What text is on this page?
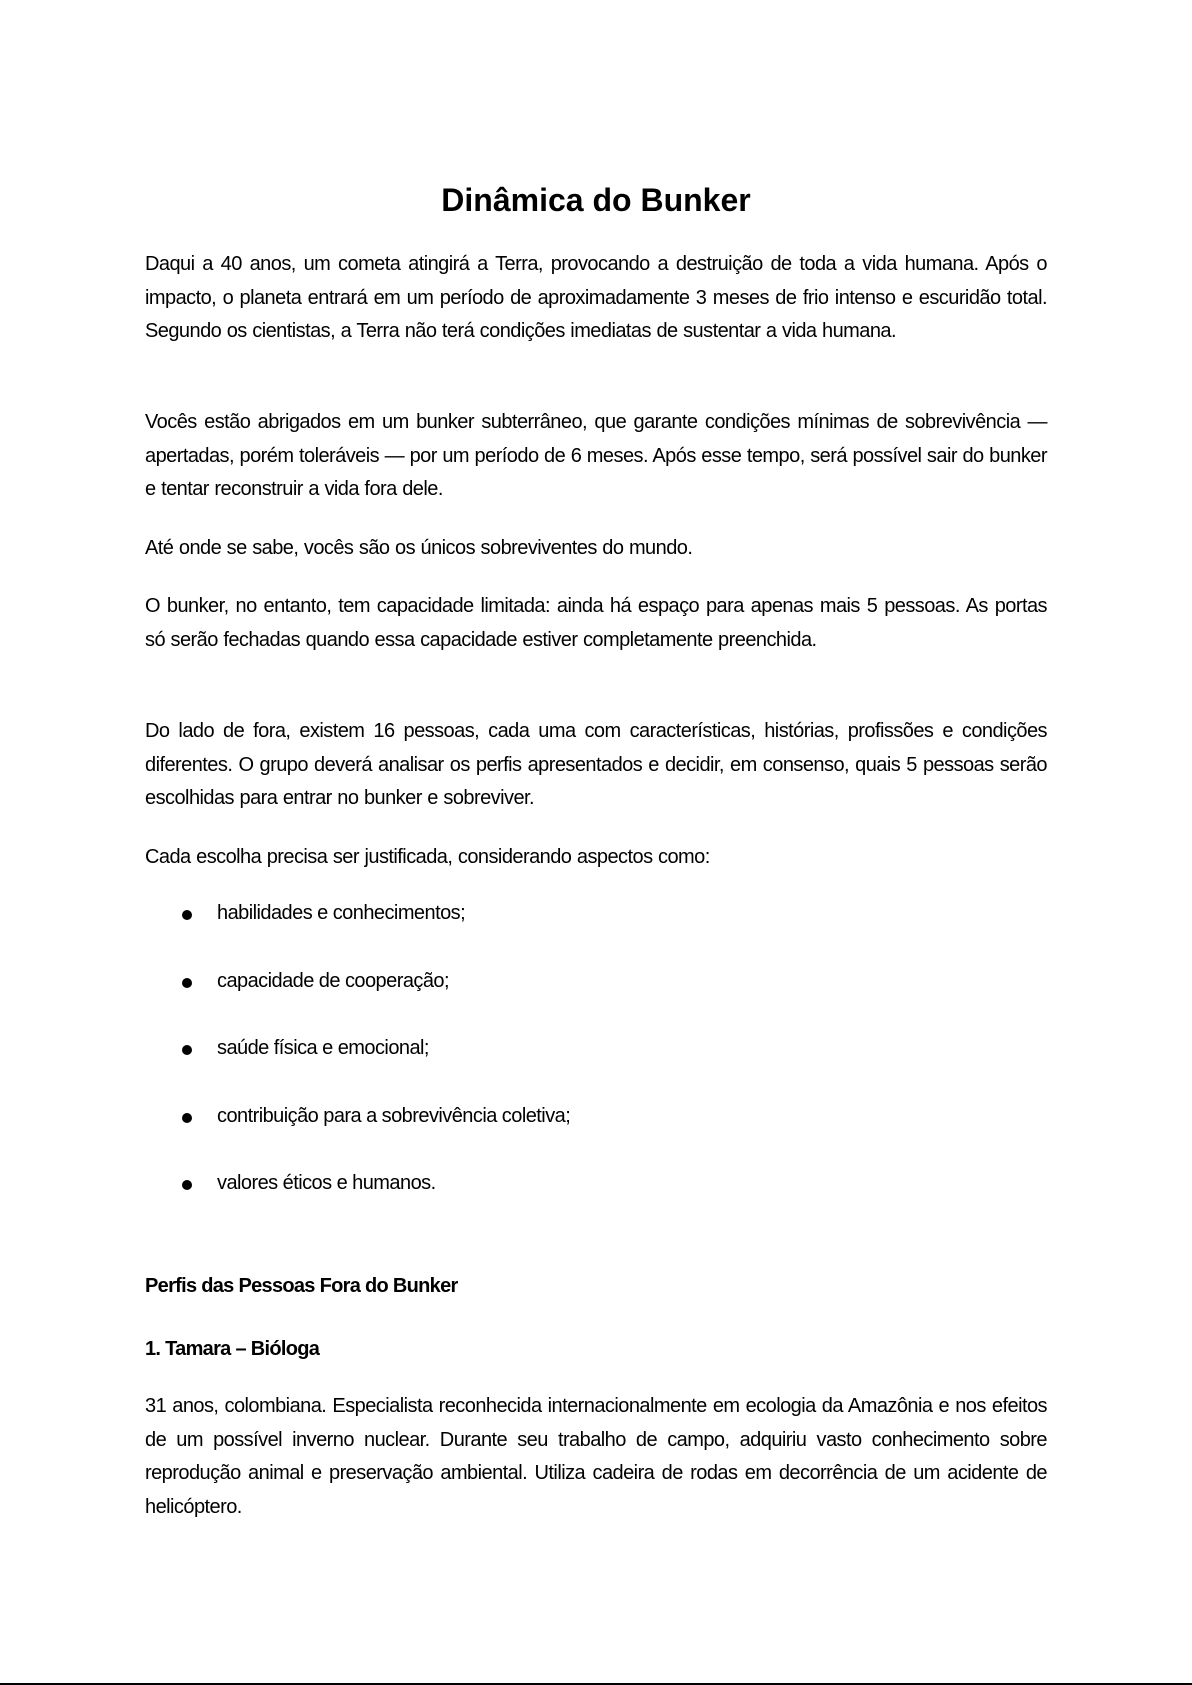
Dinâmica do Bunker

Daqui a 40 anos, um cometa atingirá a Terra, provocando a destruição de toda a vida humana. Após o impacto, o planeta entrará em um período de aproximadamente 3 meses de frio intenso e escuridão total. Segundo os cientistas, a Terra não terá condições imediatas de sustentar a vida humana.

Vocês estão abrigados em um bunker subterrâneo, que garante condições mínimas de sobrevivência — apertadas, porém toleráveis — por um período de 6 meses. Após esse tempo, será possível sair do bunker e tentar reconstruir a vida fora dele.

Até onde se sabe, vocês são os únicos sobreviventes do mundo.

O bunker, no entanto, tem capacidade limitada: ainda há espaço para apenas mais 5 pessoas. As portas só serão fechadas quando essa capacidade estiver completamente preenchida.

Do lado de fora, existem 16 pessoas, cada uma com características, histórias, profissões e condições diferentes. O grupo deverá analisar os perfis apresentados e decidir, em consenso, quais 5 pessoas serão escolhidas para entrar no bunker e sobreviver.

Cada escolha precisa ser justificada, considerando aspectos como:

habilidades e conhecimentos;
capacidade de cooperação;
saúde física e emocional;
contribuição para a sobrevivência coletiva;
valores éticos e humanos.
Perfis das Pessoas Fora do Bunker
1. Tamara – Bióloga

31 anos, colombiana. Especialista reconhecida internacionalmente em ecologia da Amazônia e nos efeitos de um possível inverno nuclear. Durante seu trabalho de campo, adquiriu vasto conhecimento sobre reprodução animal e preservação ambiental. Utiliza cadeira de rodas em decorrência de um acidente de helicóptero.
